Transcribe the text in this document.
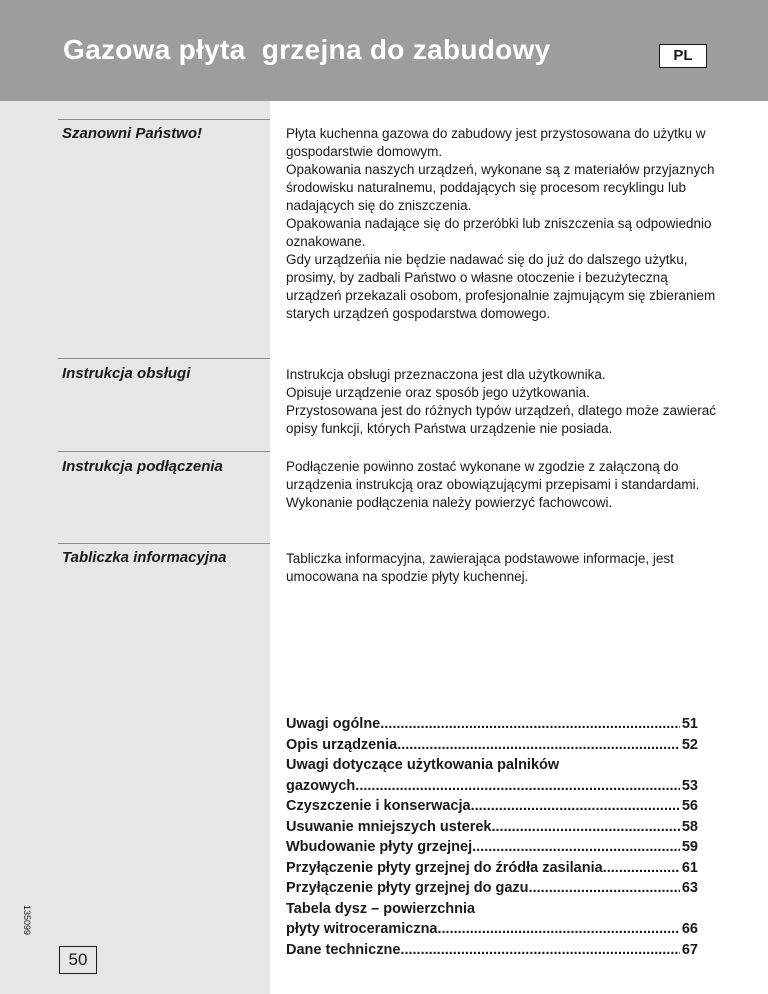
Gazowa płyta  grzejna do zabudowy	PL
Szanowni Państwo!	Płyta kuchenna gazowa do zabudowy jest przystosowana do użytku w gospodarstwie domowym.

Opakowania naszych urządzeń, wykonane są z materiałów przyjaznych środowisku naturalnemu, poddających się procesom recyklingu lub nadających się do zniszczenia.

Opakowania nadające się do przeróbki lub zniszczenia są odpowiednio oznakowane.

Gdy urządzeńia nie będzie nadawać się do już do dalszego użytku, prosimy, by zadbali Państwo o własne otoczenie i bezużyteczną urządzeń przekazali osobom, profesjonalnie zajmującym się zbieraniem starych urządzeń gospodarstwa domowego.

Instrukcja obsługi	Instrukcja obsługi przeznaczona jest dla użytkownika.

Opisuje urządzenie oraz sposób jego użytkowania.

Przystosowana jest do różnych typów urządzeń, dlatego może zawierać opisy funkcji, których Państwa urządzenie nie posiada.

Instrukcja podłączenia	Podłączenie powinno zostać wykonane w zgodzie z załączoną do urządzenia instrukcją oraz obowiązującymi przepisami i standardami.

Wykonanie podłączenia należy powierzyć fachowcowi.

Tabliczka informacyjna	Tabliczka informacyjna, zawierająca podstawowe informacje, jest umocowana na spodzie płyty kuchennej.

Uwagi ogólne .....	51
Opis urządzenia .....	52
Uwagi dotyczące użytkowania palników
gazowych .....	53
Czyszczenie i konserwacja .....	56
Usuwanie mniejszych usterek .....	58
Wbudowanie płyty grzejnej .....	59
Przyłączenie płyty grzejnej do źródła zasilania .....	61
Przyłączenie płyty grzejnej do gazu .....	63
Tabela dysz – powierzchnia
płyty witroceramiczna .....	66
Dane techniczne .....	67
135099
50
